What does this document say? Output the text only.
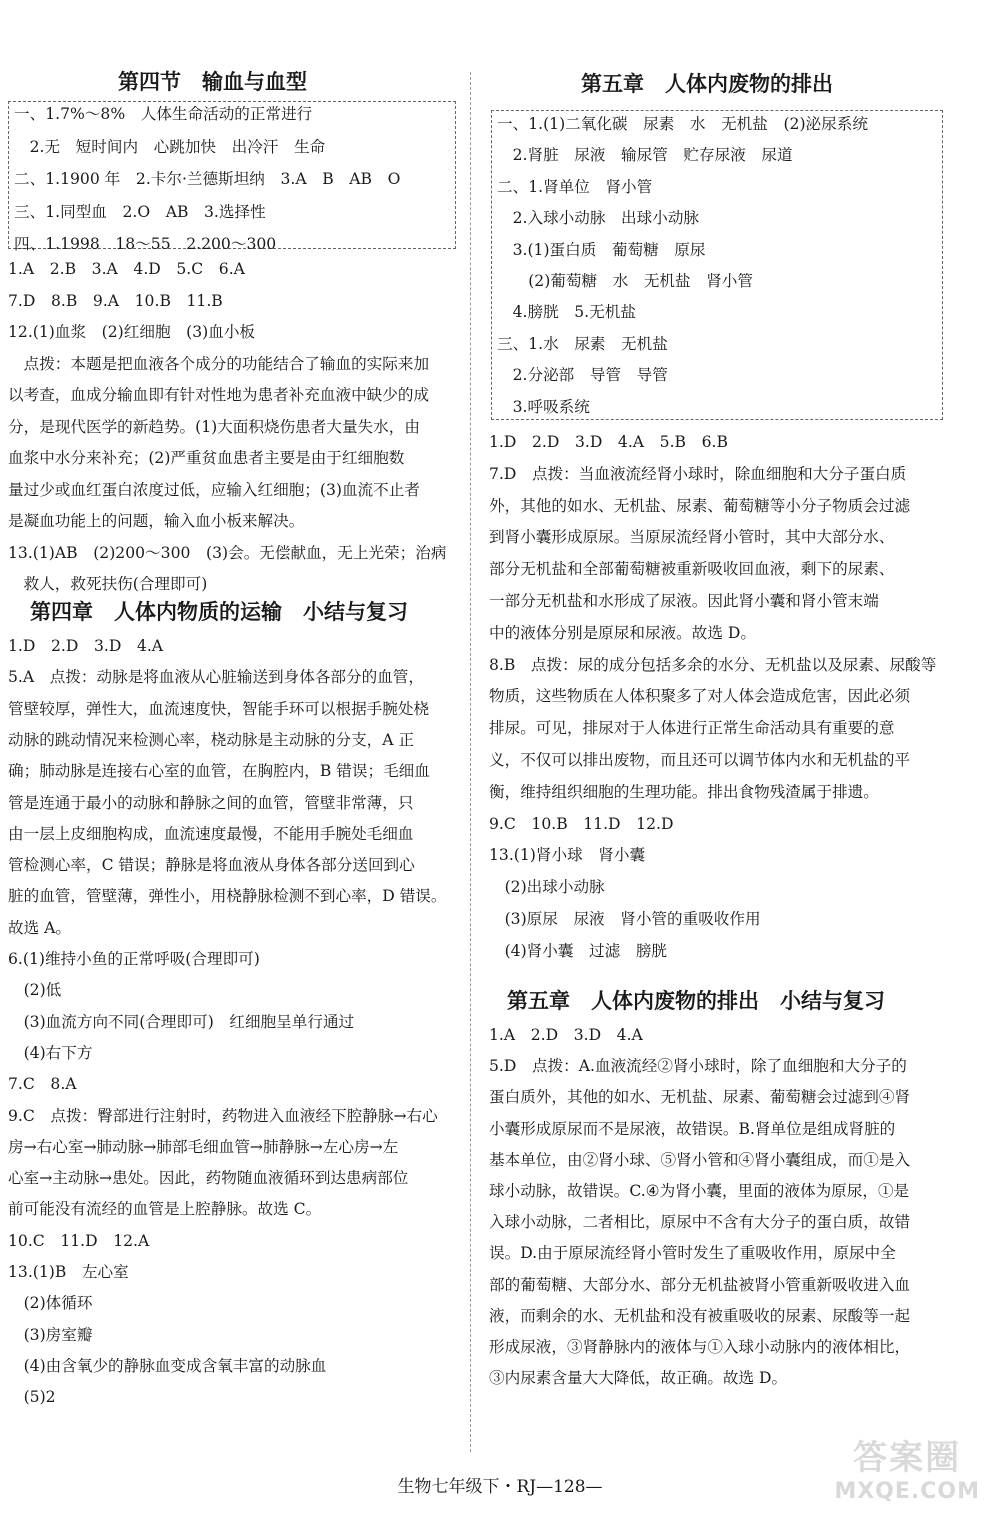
第四节　输血与血型
一、1.7%～8%　人体生命活动的正常进行
　2.无　短时间内　心跳加快　出冷汗　生命
二、1.1900 年　2.卡尔·兰德斯坦纳　3.A　B　AB　O
三、1.同型血　2.O　AB　3.选择性
四、1.1998　18～55　2.200～300
1.A　2.B　3.A　4.D　5.C　6.A
7.D　8.B　9.A　10.B　11.B
12.(1)血浆　(2)红细胞　(3)血小板
　点拨：本题是把血液各个成分的功能结合了输血的实际来加
以考查，血成分输血即有针对性地为患者补充血液中缺少的成
分，是现代医学的新趋势。(1)大面积烧伤患者大量失水，由
血浆中水分来补充；(2)严重贫血患者主要是由于红细胞数
量过少或血红蛋白浓度过低，应输入红细胞；(3)血流不止者
是凝血功能上的问题，输入血小板来解决。
13.(1)AB　(2)200～300　(3)会。无偿献血，无上光荣；治病
　救人，救死扶伤(合理即可)
第四章　人体内物质的运输　小结与复习
1.D　2.D　3.D　4.A
5.A　点拨：动脉是将血液从心脏输送到身体各部分的血管，
管壁较厚，弹性大，血流速度快，智能手环可以根据手腕处桡
动脉的跳动情况来检测心率，桡动脉是主动脉的分支，A 正
确；肺动脉是连接右心室的血管，在胸腔内，B 错误；毛细血
管是连通于最小的动脉和静脉之间的血管，管壁非常薄，只
由一层上皮细胞构成，血流速度最慢，不能用手腕处毛细血
管检测心率，C 错误；静脉是将血液从身体各部分送回到心
脏的血管，管壁薄，弹性小，用桡静脉检测不到心率，D 错误。
故选 A。
6.(1)维持小鱼的正常呼吸(合理即可)
　(2)低
　(3)血流方向不同(合理即可)　红细胞呈单行通过
　(4)右下方
7.C　8.A
9.C　点拨：臀部进行注射时，药物进入血液经下腔静脉→右心
房→右心室→肺动脉→肺部毛细血管→肺静脉→左心房→左
心室→主动脉→患处。因此，药物随血液循环到达患病部位
前可能没有流经的血管是上腔静脉。故选 C。
10.C　11.D　12.A
13.(1)B　左心室
　(2)体循环
　(3)房室瓣
　(4)由含氧少的静脉血变成含氧丰富的动脉血
　(5)2
第五章　人体内废物的排出
一、1.(1)二氧化碳　尿素　水　无机盐　(2)泌尿系统
　2.肾脏　尿液　输尿管　贮存尿液　尿道
二、1.肾单位　肾小管
　2.入球小动脉　出球小动脉
　3.(1)蛋白质　葡萄糖　原尿
　　(2)葡萄糖　水　无机盐　肾小管
　4.膀胱　5.无机盐
三、1.水　尿素　无机盐
　2.分泌部　导管　导管
　3.呼吸系统
1.D　2.D　3.D　4.A　5.B　6.B
7.D　点拨：当血液流经肾小球时，除血细胞和大分子蛋白质
外，其他的如水、无机盐、尿素、葡萄糖等小分子物质会过滤
到肾小囊形成原尿。当原尿流经肾小管时，其中大部分水、
部分无机盐和全部葡萄糖被重新吸收回血液，剩下的尿素、
一部分无机盐和水形成了尿液。因此肾小囊和肾小管末端
中的液体分别是原尿和尿液。故选 D。
8.B　点拨：尿的成分包括多余的水分、无机盐以及尿素、尿酸等
物质，这些物质在人体积聚多了对人体会造成危害，因此必须
排尿。可见，排尿对于人体进行正常生命活动具有重要的意
义，不仅可以排出废物，而且还可以调节体内水和无机盐的平
衡，维持组织细胞的生理功能。排出食物残渣属于排遗。
9.C　10.B　11.D　12.D
13.(1)肾小球　肾小囊
　(2)出球小动脉
　(3)原尿　尿液　肾小管的重吸收作用
　(4)肾小囊　过滤　膀胱
第五章　人体内废物的排出　小结与复习
1.A　2.D　3.D　4.A
5.D　点拨：A.血液流经②肾小球时，除了血细胞和大分子的
蛋白质外，其他的如水、无机盐、尿素、葡萄糖会过滤到④肾
小囊形成原尿而不是尿液，故错误。B.肾单位是组成肾脏的
基本单位，由②肾小球、⑤肾小管和④肾小囊组成，而①是入
球小动脉，故错误。C.④为肾小囊，里面的液体为原尿，①是
入球小动脉，二者相比，原尿中不含有大分子的蛋白质，故错
误。D.由于原尿流经肾小管时发生了重吸收作用，原尿中全
部的葡萄糖、大部分水、部分无机盐被肾小管重新吸收进入血
液，而剩余的水、无机盐和没有被重吸收的尿素、尿酸等一起
形成尿液，③肾静脉内的液体与①入球小动脉内的液体相比，
③内尿素含量大大降低，故正确。故选 D。
生物七年级下・RJ—128—
答案圈
MXQE.COM
